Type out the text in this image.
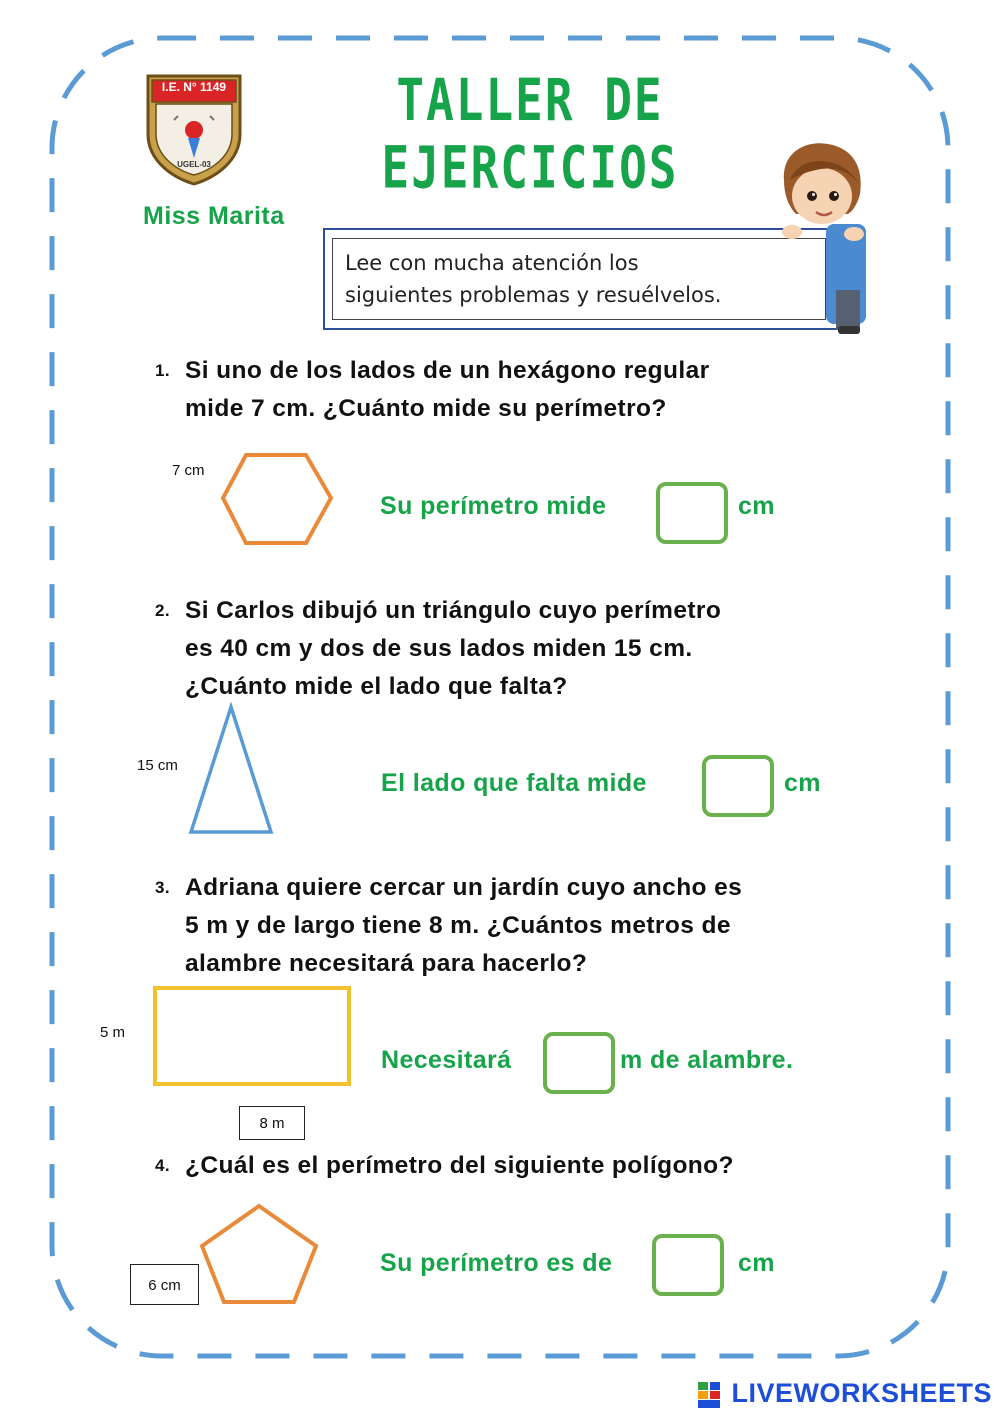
I.E. N° 1149
UGEL-03
TALLER DE EJERCICIOS
Miss Marita
Lee con mucha atención los
siguientes problemas y resuélvelos.
1. Si uno de los lados de un hexágono regular
mide 7 cm. ¿Cuánto mide su perímetro?
7 cm
Su perímetro mide	cm
2. Si Carlos dibujó un triángulo cuyo perímetro
es 40 cm y dos de sus lados miden 15 cm.
¿Cuánto mide el lado que falta?
15 cm
El lado que falta mide	cm
3. Adriana quiere cercar un jardín cuyo ancho es
5 m y de largo tiene 8 m. ¿Cuántos metros de
alambre necesitará para hacerlo?
5 m
8 m
Necesitará	m de alambre.
4. ¿Cuál es el perímetro del siguiente polígono?
6 cm
Su perímetro es de	cm
LIVEWORKSHEETS
